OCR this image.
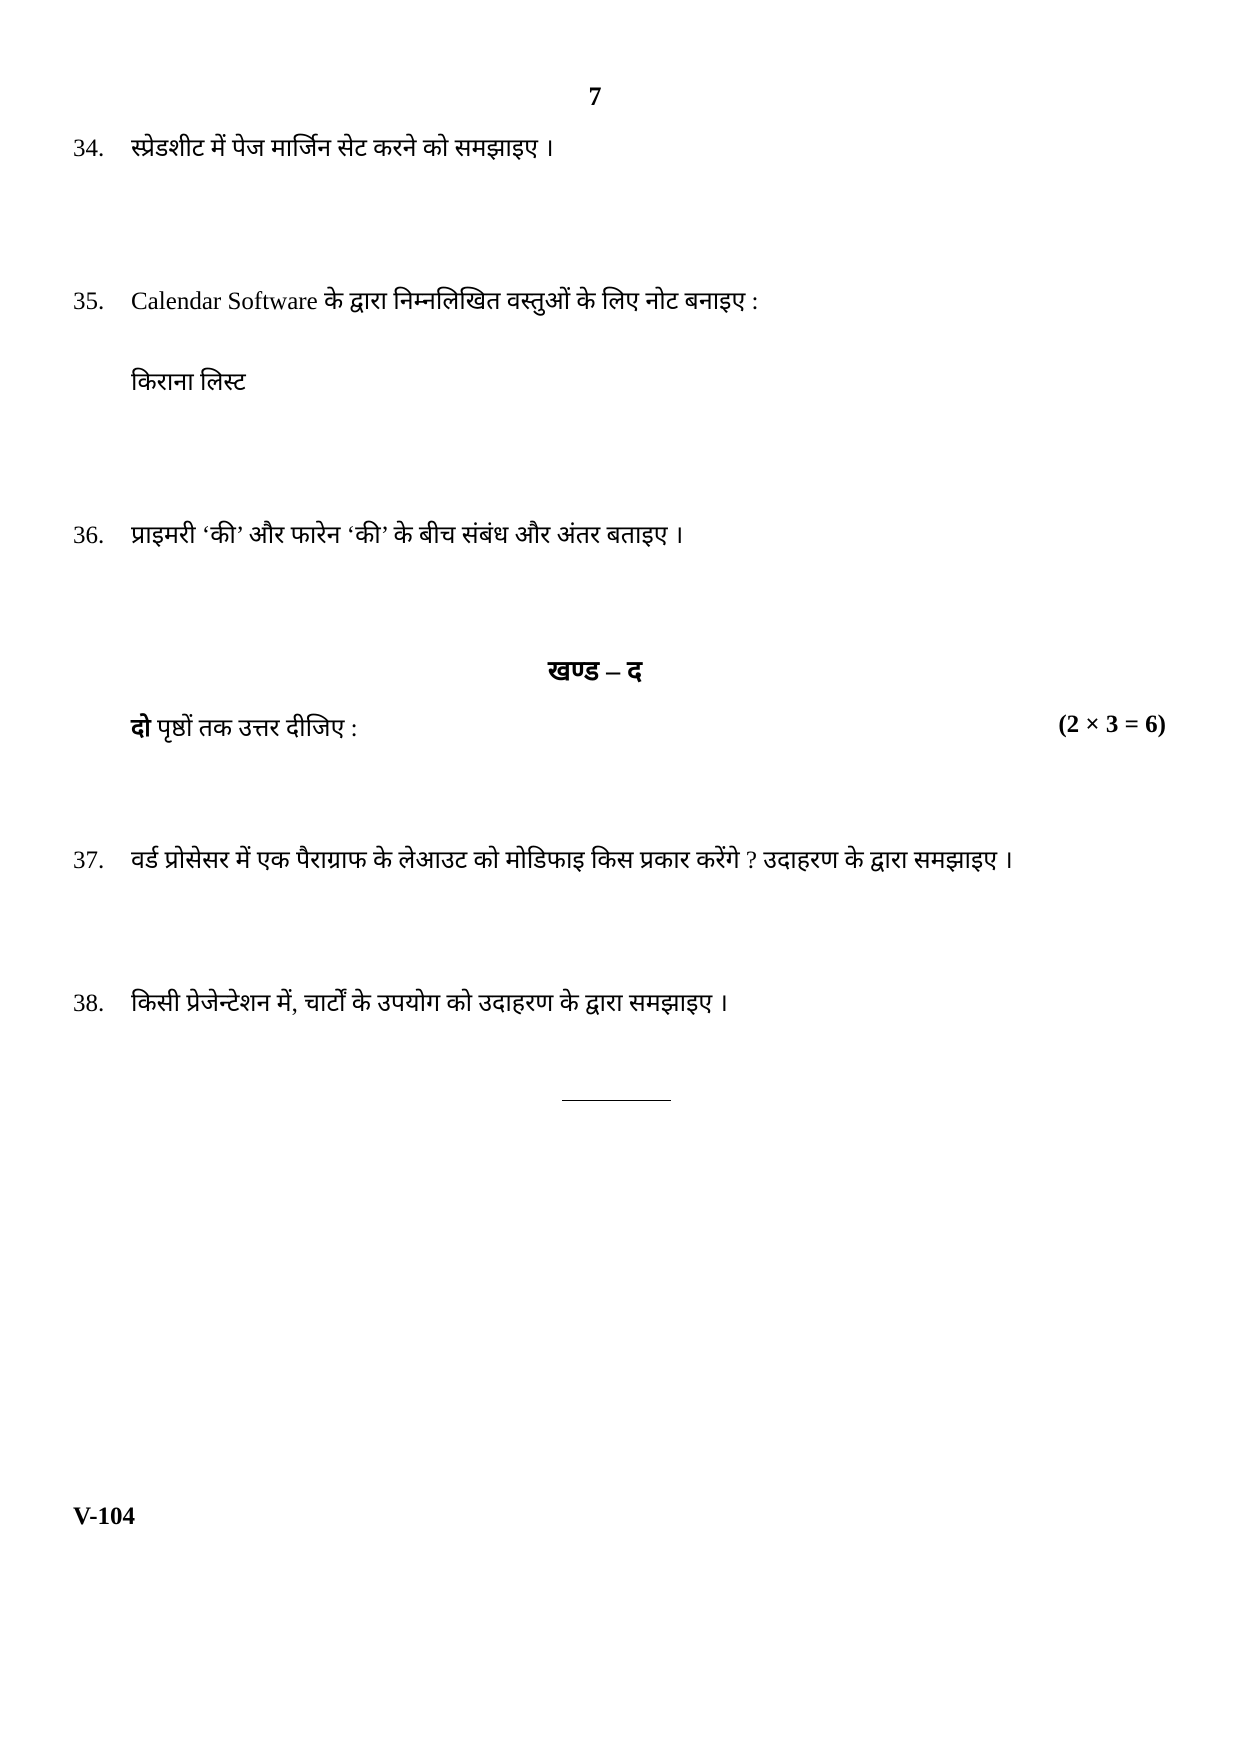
7
34. स्प्रेडशीट में पेज मार्जिन सेट करने को समझाइए ।
35. Calendar Software के द्वारा निम्नलिखित वस्तुओं के लिए नोट बनाइए :
किराना लिस्ट
36. प्राइमरी ‘की’ और फारेन ‘की’ के बीच संबंध और अंतर बताइए ।
खण्ड – द
दो पृष्ठों तक उत्तर दीजिए :	(2 × 3 = 6)
37. वर्ड प्रोसेसर में एक पैराग्राफ के लेआउट को मोडिफाइ किस प्रकार करेंगे ? उदाहरण के द्वारा समझाइए ।
38. किसी प्रेजेन्टेशन में, चार्टों के उपयोग को उदाहरण के द्वारा समझाइए ।
V-104
